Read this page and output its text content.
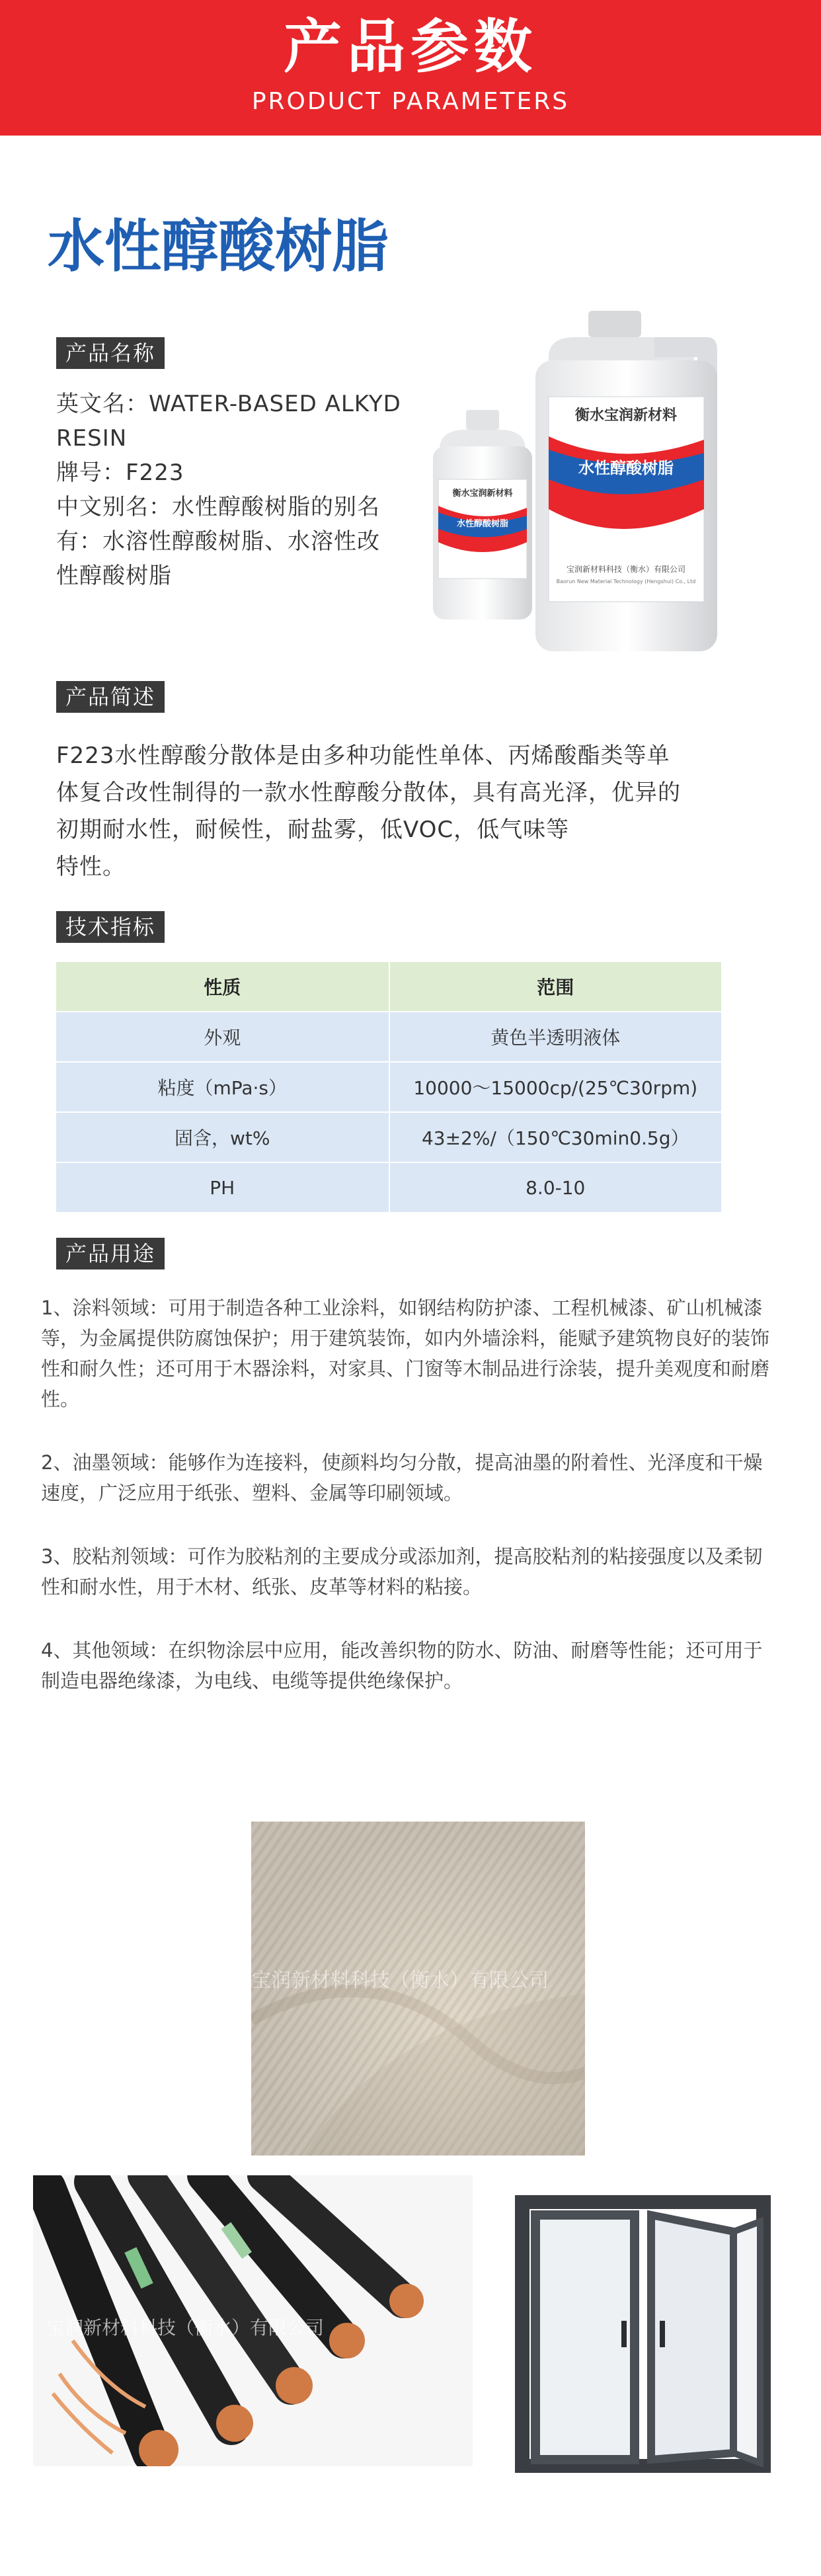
产品参数
PRODUCT PARAMETERS
水性醇酸树脂
产品名称
英文名：WATER-BASED ALKYD
RESIN
牌号：F223
中文别名：水性醇酸树脂的别名
有：水溶性醇酸树脂、水溶性改
性醇酸树脂
衡水宝润新材料
水性醇酸树脂
宝润新材料科技（衡水）有限公司
Baorun New Material Technology (Hengshui) Co., Ltd
衡水宝润新材料
水性醇酸树脂
产品简述
F223水性醇酸分散体是由多种功能性单体、丙烯酸酯类等单
体复合改性制得的一款水性醇酸分散体，具有高光泽，优异的
初期耐水性，耐候性，耐盐雾，低VOC，低气味等
特性。
技术指标
性质	范围
外观	黄色半透明液体
粘度（mPa·s）	10000～15000cp/(25℃30rpm)
固含，wt%	43±2%/（150℃30min0.5g）
PH	8.0-10
产品用途

1、涂料领域：可用于制造各种工业涂料，如钢结构防护漆、工程机械漆、矿山机械漆等，为金属提供防腐蚀保护；用于建筑装饰，如内外墙涂料，能赋予建筑物良好的装饰性和耐久性；还可用于木器涂料，对家具、门窗等木制品进行涂装，提升美观度和耐磨性。

2、油墨领域：能够作为连接料，使颜料均匀分散，提高油墨的附着性、光泽度和干燥速度，广泛应用于纸张、塑料、金属等印刷领域。

3、胶粘剂领域：可作为胶粘剂的主要成分或添加剂，提高胶粘剂的粘接强度以及柔韧性和耐水性，用于木材、纸张、皮革等材料的粘接。

4、其他领域：在织物涂层中应用，能改善织物的防水、防油、耐磨等性能；还可用于制造电器绝缘漆，为电线、电缆等提供绝缘保护。

宝润新材料科技（衡水）有限公司
宝润新材料科技（衡水）有限公司
